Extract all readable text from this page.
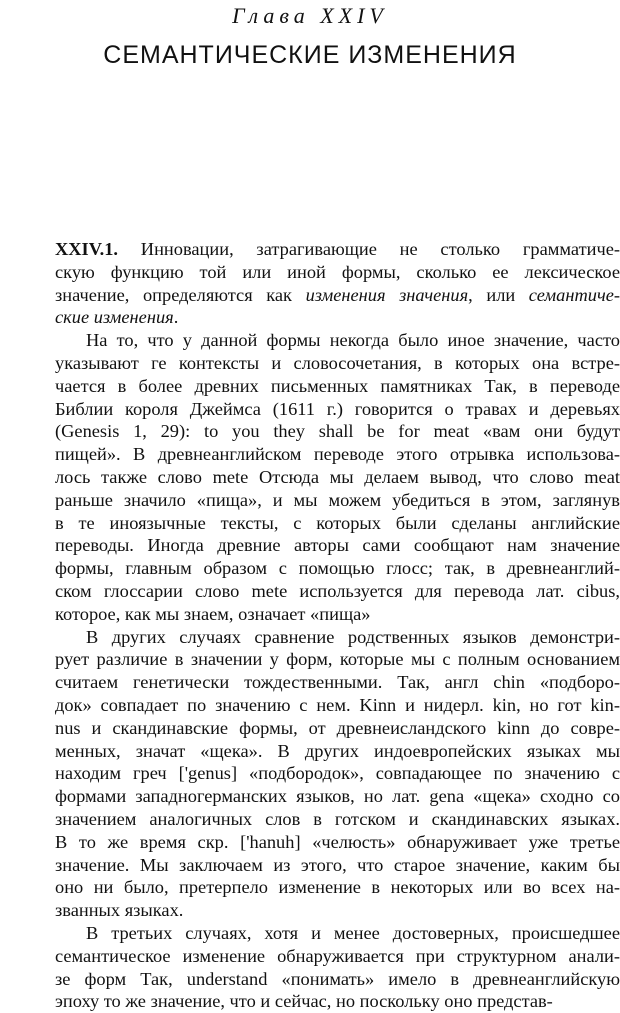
Глава XXIV
СЕМАНТИЧЕСКИЕ ИЗМЕНЕНИЯ
XXIV.1. Инновации, затрагивающие не столько грамматиче-
скую функцию той или иной формы, сколько ее лексическое
значение, определяются как изменения значения, или семантиче-
ские изменения.
На то, что у данной формы некогда было иное значение, часто
указывают ге контексты и словосочетания, в которых она встре-
чается в более древних письменных памятниках Так, в переводе
Библии короля Джеймса (1611 г.) говорится о травах и деревьях
(Genesis 1, 29): to you they shall be for meat «вам они будут
пищей». В древнеанглийском переводе этого отрывка использова-
лось также слово mete Отсюда мы делаем вывод, что слово meat
раньше значило «пища», и мы можем убедиться в этом, заглянув
в те иноязычные тексты, с которых были сделаны английские
переводы. Иногда древние авторы сами сообщают нам значение
формы, главным образом с помощью глосс; так, в древнеанглий-
ском глоссарии слово mete используется для перевода лат. cibus,
которое, как мы знаем, означает «пища»
В других случаях сравнение родственных языков демонстри-
рует различие в значении у форм, которые мы с полным основанием
считаем генетически тождественными. Так, англ chin «подборо-
док» совпадает по значению с нем. Kinn и нидерл. kin, но гот kin-
nus и скандинавские формы, от древнеисландского kinn до совре-
менных, значат «щека». В других индоевропейских языках мы
находим греч ['genus] «подбородок», совпадающее по значению с
формами западногерманских языков, но лат. gena «щека» сходно со
значением аналогичных слов в готском и скандинавских языках.
В то же время скр. ['hanuh] «челюсть» обнаруживает уже третье
значение. Мы заключаем из этого, что старое значение, каким бы
оно ни было, претерпело изменение в некоторых или во всех на-
званных языках.
В третьих случаях, хотя и менее достоверных, происшедшее
семантическое изменение обнаруживается при структурном анали-
зе форм Так, understand «понимать» имело в древнеанглийскую
эпоху то же значение, что и сейчас, но поскольку оно представ-
